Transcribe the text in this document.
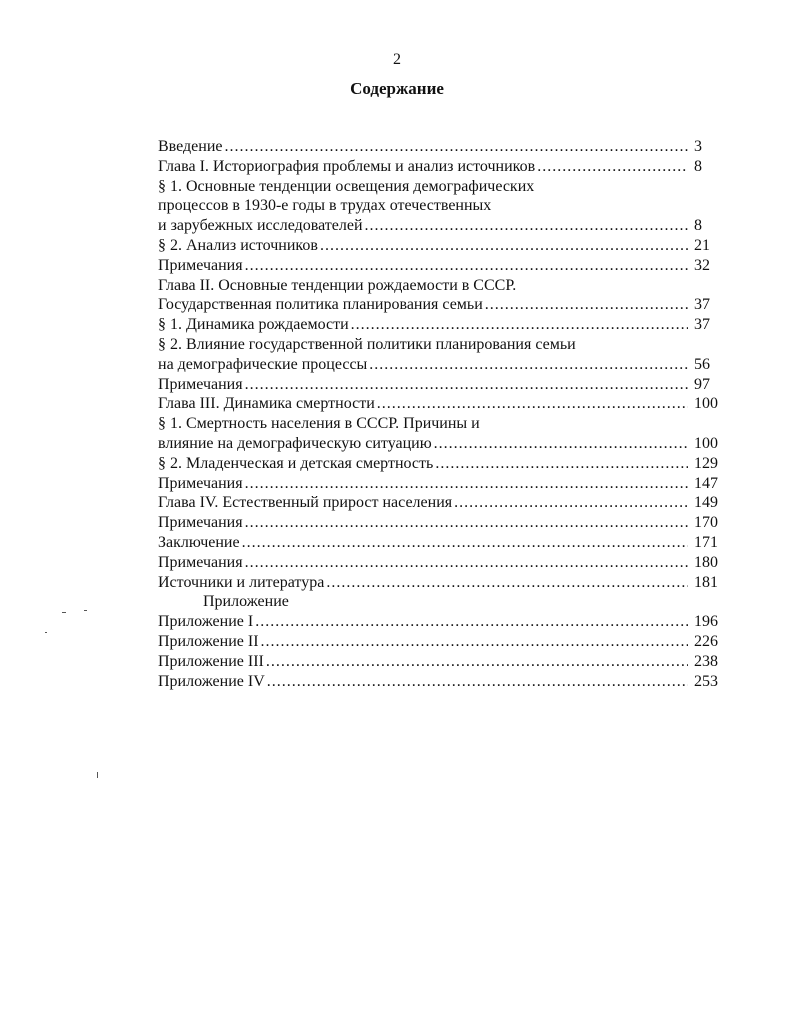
2
Содержание
Введение .....	3
Глава I. Историография проблемы и анализ источников .....	8
§ 1. Основные тенденции освещения демографических
процессов в 1930-е годы в трудах отечественных
и зарубежных исследователей .....	8
§ 2. Анализ источников .....	21
Примечания .....	32
Глава II. Основные тенденции рождаемости в СССР.
Государственная политика планирования семьи .....	37
§ 1. Динамика рождаемости .....	37
§ 2. Влияние государственной политики планирования семьи
на демографические процессы .....	56
Примечания .....	97
Глава III. Динамика смертности .....	100
§ 1. Смертность населения в СССР. Причины и
влияние на демографическую ситуацию .....	100
§ 2. Младенческая и детская смертность .....	129
Примечания .....	147
Глава IV. Естественный прирост населения .....	149
Примечания .....	170
Заключение .....	171
Примечания .....	180
Источники и литература .....	181
Приложение
Приложение I .....	196
Приложение II .....	226
Приложение III .....	238
Приложение IV .....	253
